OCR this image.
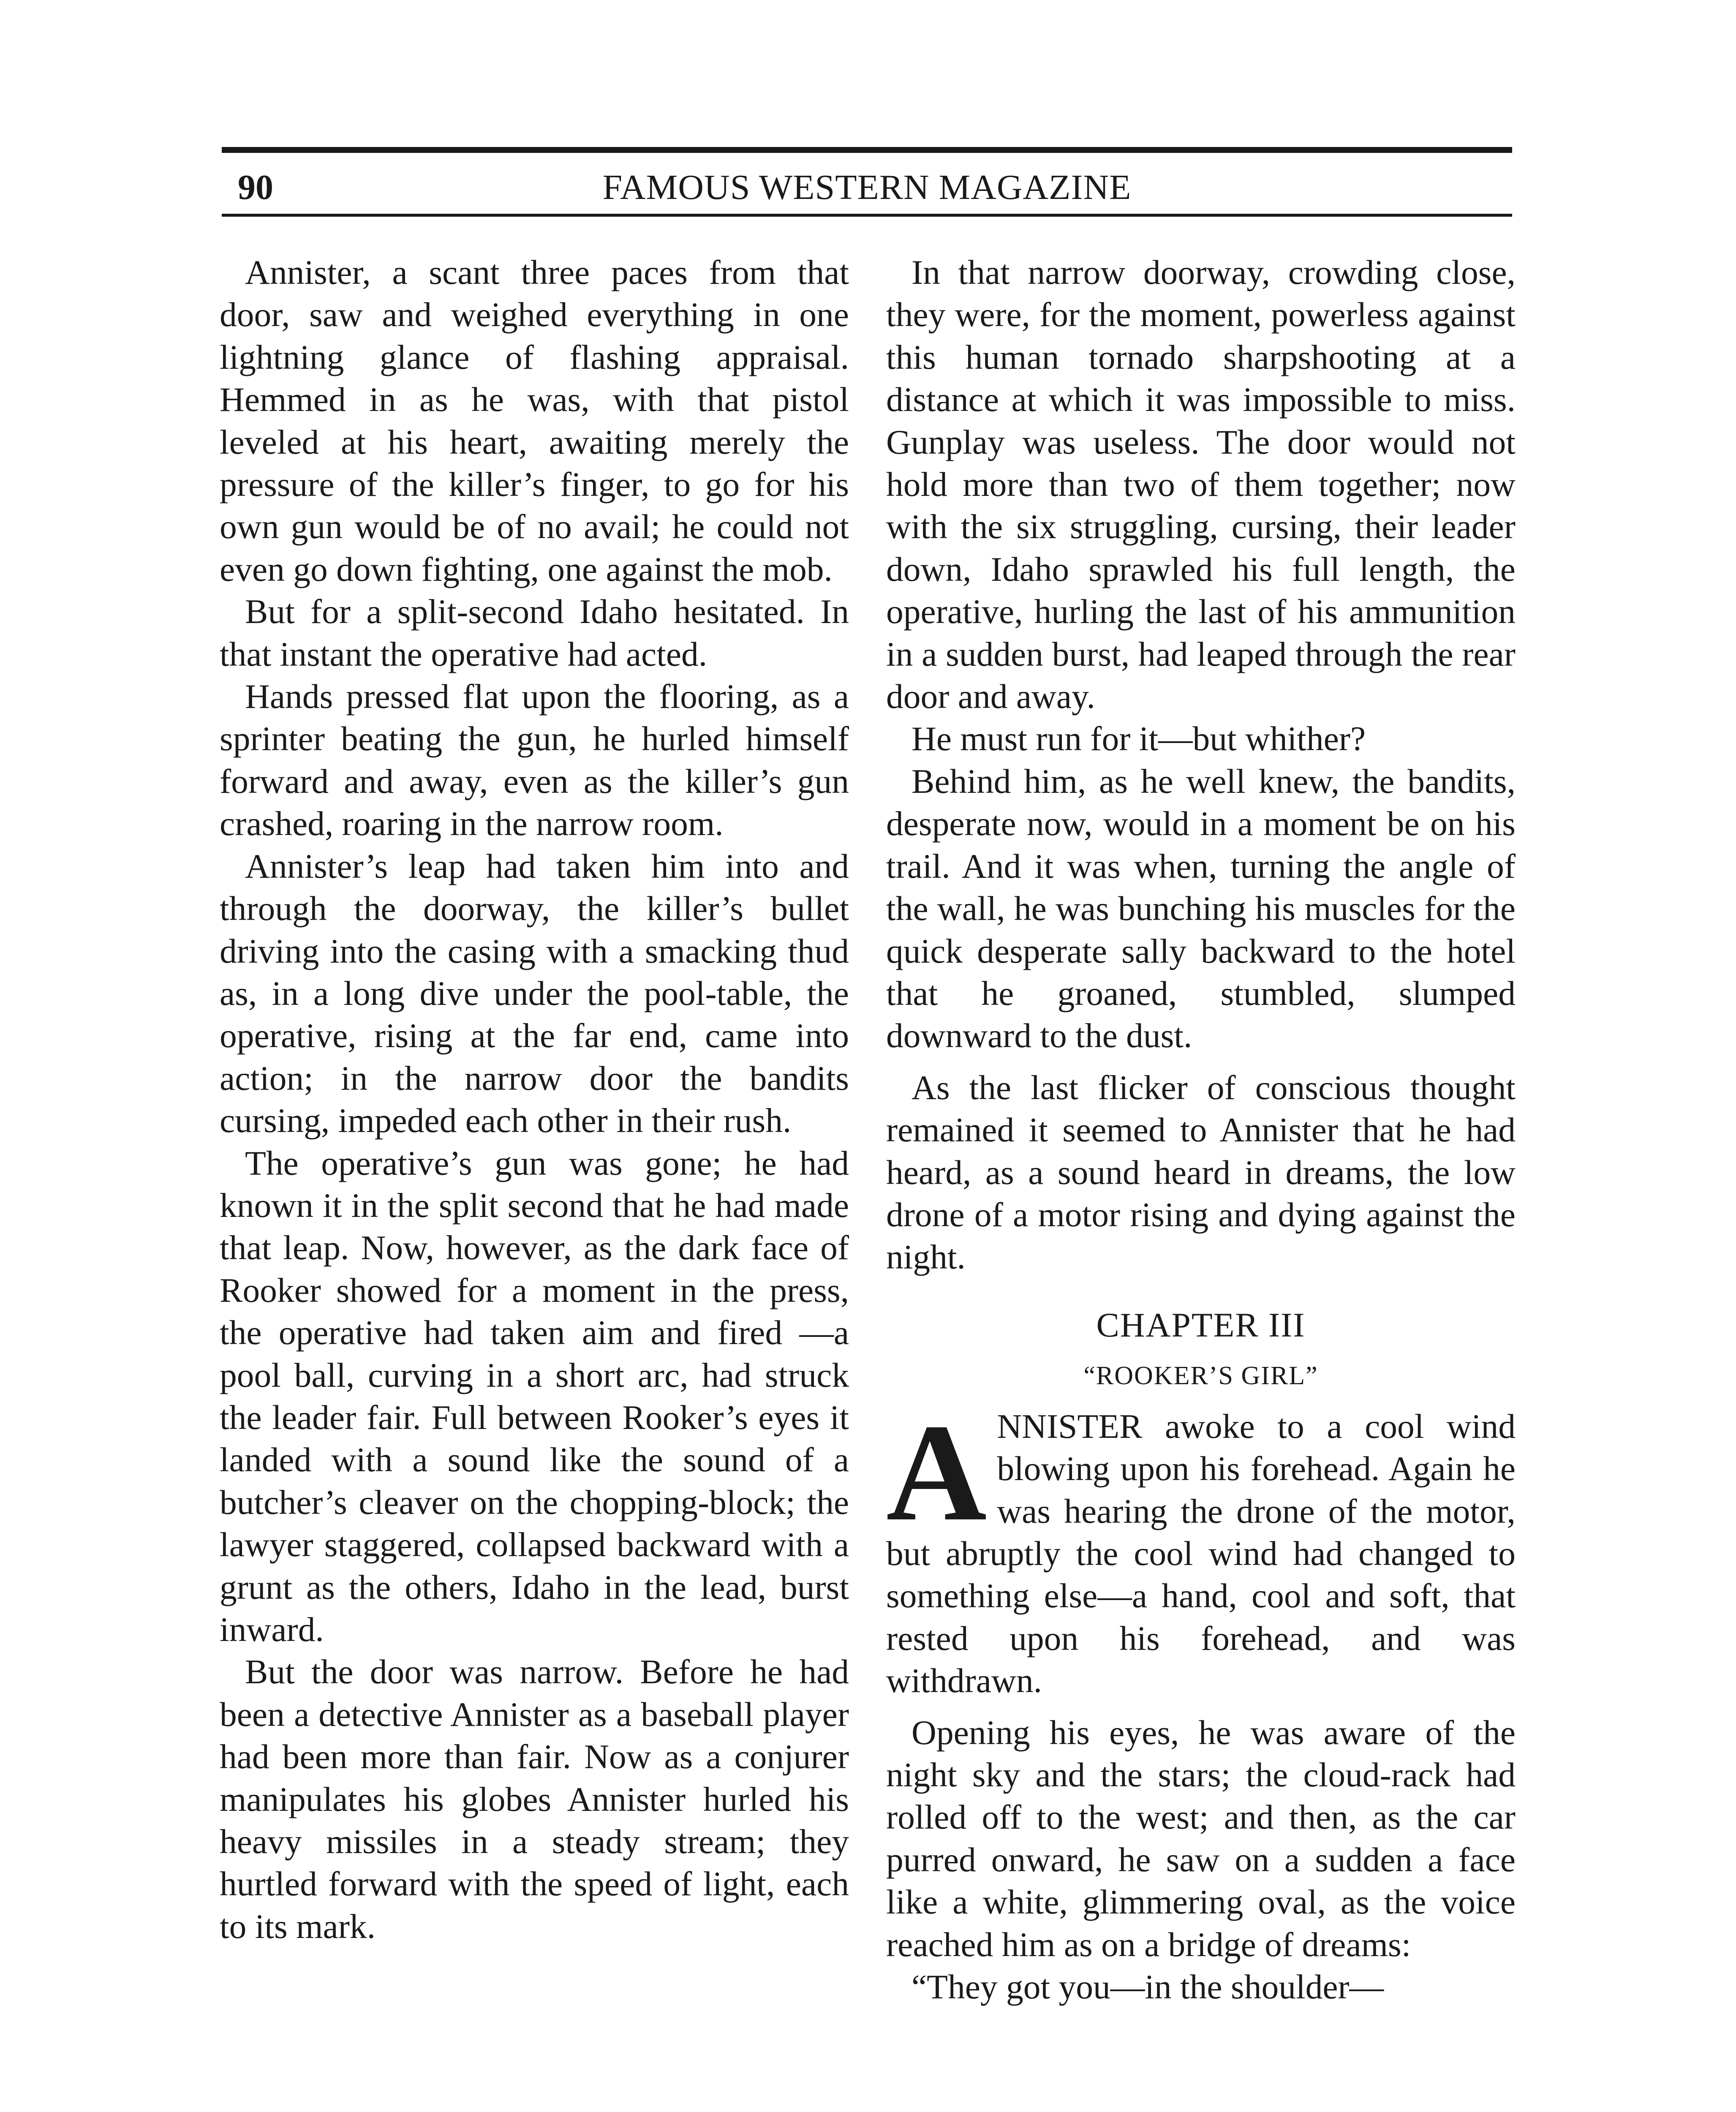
90	FAMOUS WESTERN MAGAZINE

Annister, a scant three paces from that door, saw and weighed everything in one lightning glance of flashing appraisal. Hemmed in as he was, with that pistol leveled at his heart, awaiting merely the pressure of the killer’s finger, to go for his own gun would be of no avail; he could not even go down fighting, one against the mob.

But for a split-second Idaho hesitated. In that instant the operative had acted.

Hands pressed flat upon the flooring, as a sprinter beating the gun, he hurled himself forward and away, even as the killer’s gun crashed, roaring in the narrow room.

Annister’s leap had taken him into and through the doorway, the killer’s bullet driving into the casing with a smacking thud as, in a long dive under the pool-table, the operative, rising at the far end, came into action; in the narrow door the bandits cursing, impeded each other in their rush.

The operative’s gun was gone; he had known it in the split second that he had made that leap. Now, however, as the dark face of Rooker showed for a moment in the press, the operative had taken aim and fired —a pool ball, curving in a short arc, had struck the leader fair. Full between Rooker’s eyes it landed with a sound like the sound of a butcher’s cleaver on the chopping-block; the lawyer staggered, collapsed backward with a grunt as the others, Idaho in the lead, burst inward.

But the door was narrow. Before he had been a detective Annister as a baseball player had been more than fair. Now as a conjurer manipulates his globes Annister hurled his heavy missiles in a steady stream; they hurtled forward with the speed of light, each to its mark.

In that narrow doorway, crowding close, they were, for the moment, powerless against this human tornado sharpshooting at a distance at which it was impossible to miss. Gunplay was useless. The door would not hold more than two of them together; now with the six struggling, cursing, their leader down, Idaho sprawled his full length, the operative, hurling the last of his ammunition in a sudden burst, had leaped through the rear door and away.

He must run for it—but whither?

Behind him, as he well knew, the bandits, desperate now, would in a moment be on his trail. And it was when, turning the angle of the wall, he was bunching his muscles for the quick desperate sally backward to the hotel that he groaned, stumbled, slumped downward to the dust.

As the last flicker of conscious thought remained it seemed to Annister that he had heard, as a sound heard in dreams, the low drone of a motor rising and dying against the night.

CHAPTER III
“ROOKER’S GIRL”
ANNISTER awoke to a cool wind blowing upon his forehead. Again he was hearing the drone of the motor, but abruptly the cool wind had changed to something else—a hand, cool and soft, that rested upon his forehead, and was withdrawn.

Opening his eyes, he was aware of the night sky and the stars; the cloud-rack had rolled off to the west; and then, as the car purred onward, he saw on a sudden a face like a white, glimmering oval, as the voice reached him as on a bridge of dreams:

“They got you—in the shoulder—
